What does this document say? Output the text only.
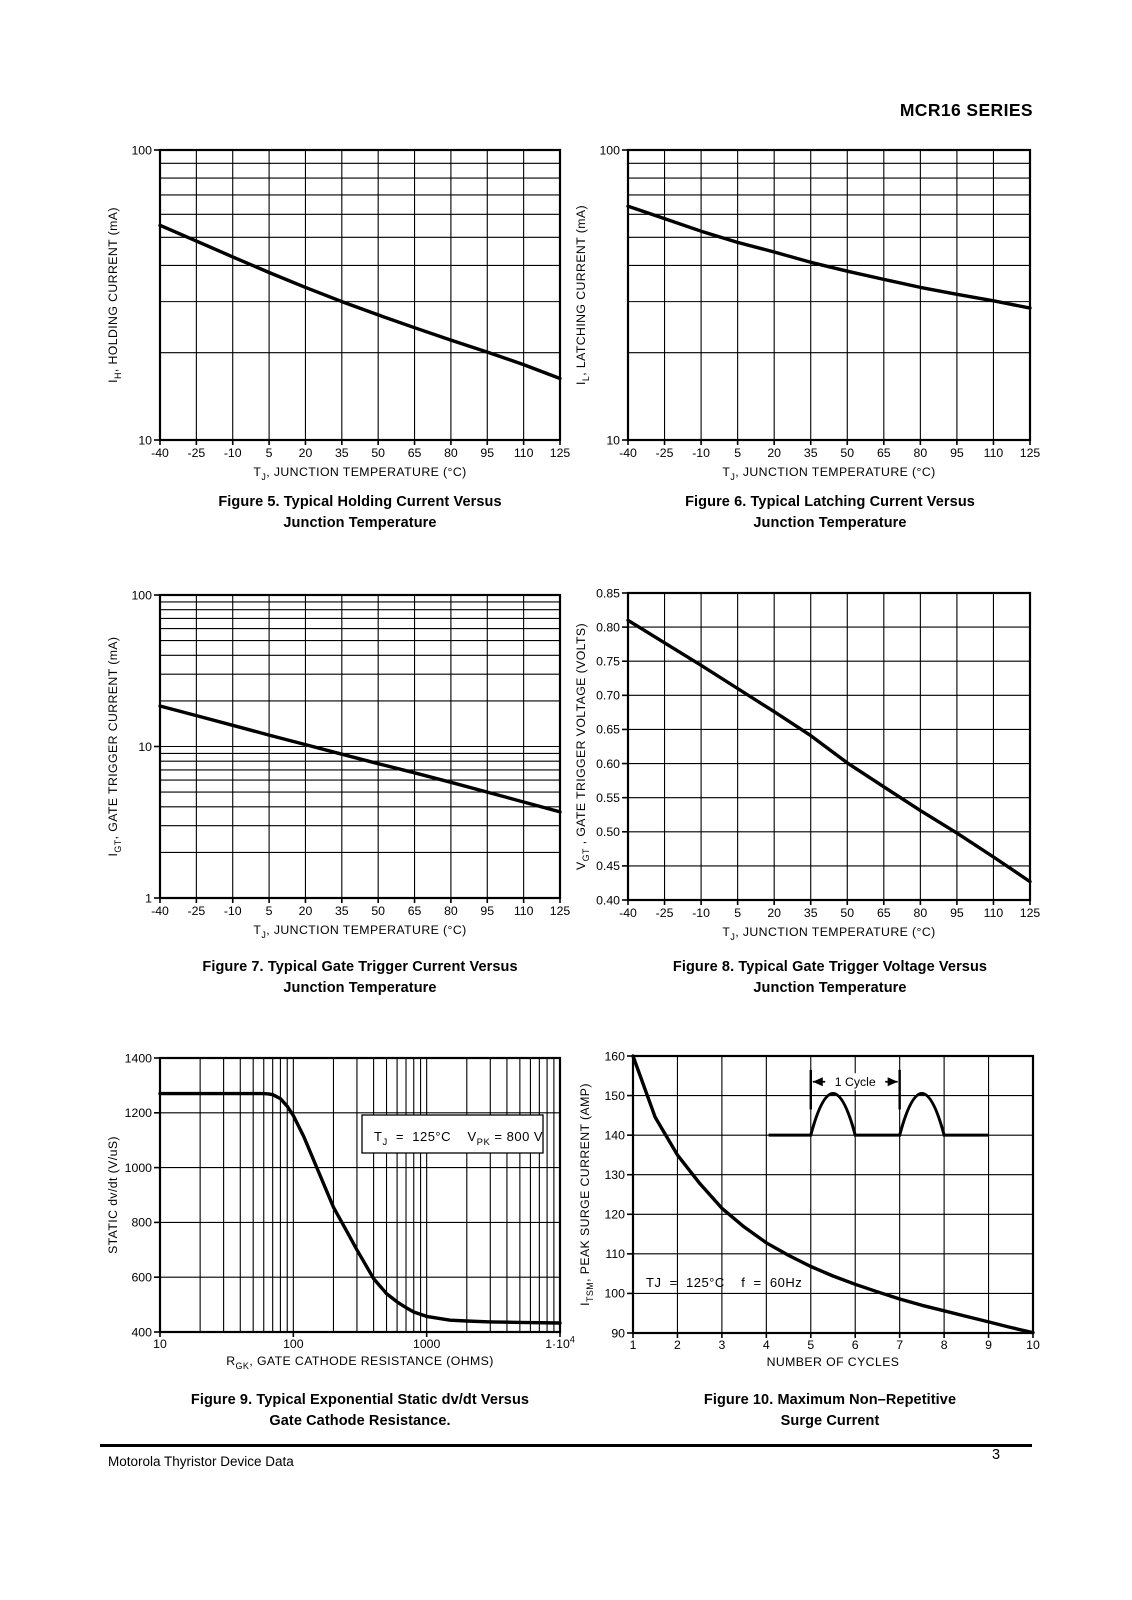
MCR16 SERIES
-40 -25 -10 5 20 35 50 65 80 95 110 125
10
100
$T_J$, JUNCTION TEMPERATURE (°C)
$I_H$, HOLDING CURRENT (mA)
-40 -25 -10 5 20 35 50 65 80 95 110 125
10
100
$T_J$, JUNCTION TEMPERATURE (°C)
$I_L$, LATCHING CURRENT (mA)
-40 -25 -10 5 20 35 50 65 80 95 110 125
1
10
100
$T_J$, JUNCTION TEMPERATURE (°C)
$I_{GT}$, GATE TRIGGER CURRENT (mA)
-40 -25 -10 5 20 35 50 65 80 95 110 125
0.40
0.45
0.50
0.55
0.60
0.65
0.70
0.75
0.80
0.85
$T_J$, JUNCTION TEMPERATURE (°C)
$V_{GT}$ , GATE TRIGGER VOLTAGE (VOLTS)
$T_J = 125^\circ C$    $V_{PK} = 800$ V
10	100	1000	$1\cdot 10^4$
400
600
800
1000
1200
1400
$R_{GK}$, GATE CATHODE RESISTANCE (OHMS)
STATIC dv/dt (V/uS)
1 Cycle
TJ  =  125°C    f  =  60Hz
1	2	3	4	5	6	7	8	9	10
90
100
110
120
130
140
150
160
NUMBER OF CYCLES
$I_{TSM}$, PEAK SURGE CURRENT (AMP)
Figure 5. Typical Holding Current Versus
Junction Temperature
Figure 6. Typical Latching Current Versus
Junction Temperature
Figure 7. Typical Gate Trigger Current Versus
Junction Temperature
Figure 8. Typical Gate Trigger Voltage Versus
Junction Temperature
Figure 9. Typical Exponential Static dv/dt Versus
Gate Cathode Resistance.
Figure 10. Maximum Non–Repetitive
Surge Current
Motorola Thyristor Device Data	3
